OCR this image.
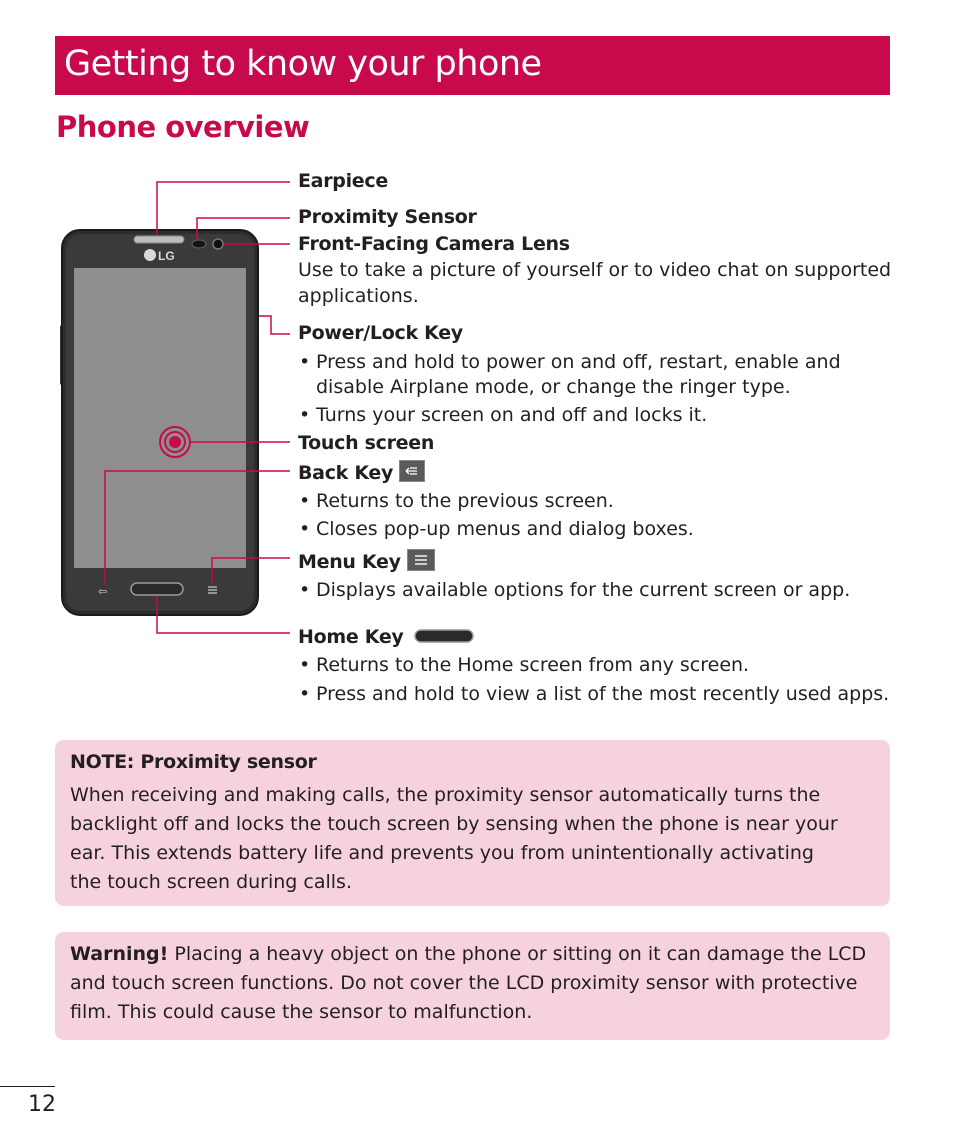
Getting to know your phone
Phone overview
LG
⇦
Earpiece
Proximity Sensor
Front-Facing Camera Lens
Use to take a picture of yourself or to video chat on supported applications.
Power/Lock Key
• Press and hold to power on and off, restart, enable and disable Airplane mode, or change the ringer type.
• Turns your screen on and off and locks it.
Touch screen
Back Key
• Returns to the previous screen.
• Closes pop-up menus and dialog boxes.
Menu Key
• Displays available options for the current screen or app.
Home Key
• Returns to the Home screen from any screen.
• Press and hold to view a list of the most recently used apps.
NOTE: Proximity sensor
When receiving and making calls, the proximity sensor automatically turns the backlight off and locks the touch screen by sensing when the phone is near your ear. This extends battery life and prevents you from unintentionally activating the touch screen during calls.
Warning! Placing a heavy object on the phone or sitting on it can damage the LCD and touch screen functions. Do not cover the LCD proximity sensor with protective film. This could cause the sensor to malfunction.
12
